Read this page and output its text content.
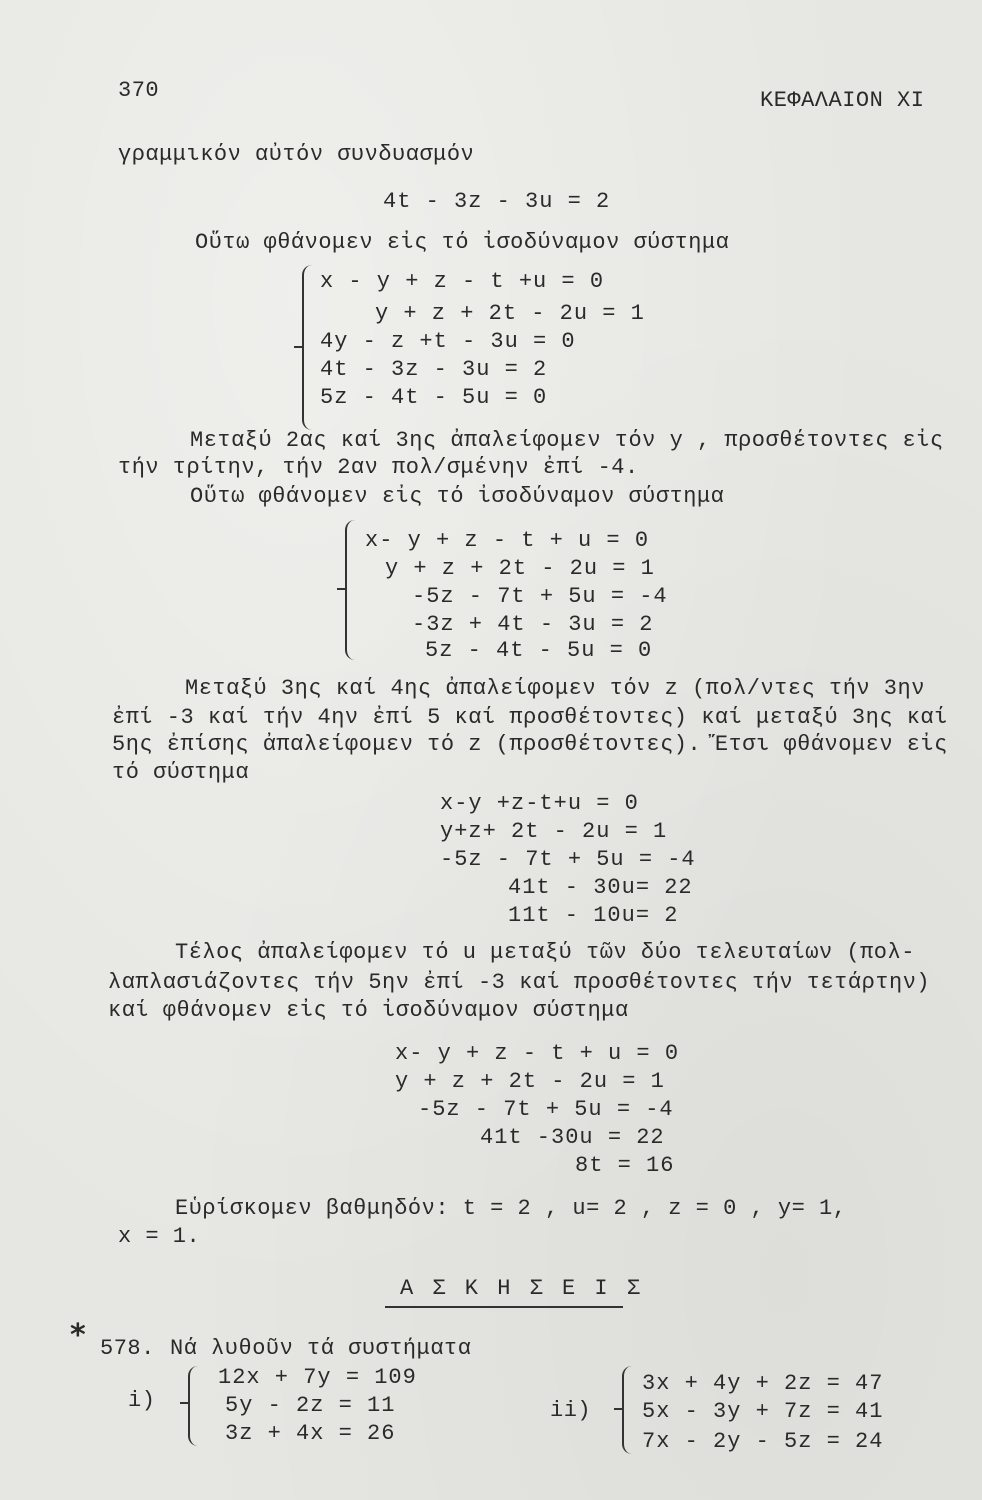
370	ΚΕΦΑΛΑΙΟΝ XI
γραμμικόν αὐτόν συνδυασμόν
4t - 3z - 3u = 2
Οὕτω φθάνομεν εἰς τό ἰσοδύναμον σύστημα
x - y + z - t +u = 0
y + z + 2t - 2u = 1
4y - z +t - 3u = 0
4t - 3z - 3u = 2
5z - 4t - 5u = 0
Μεταξύ 2ας καί 3ης ἀπαλείφομεν τόν y , προσθέτοντες εἰς
τήν τρίτην, τήν 2αν πολ/σμένην ἐπί -4.
Οὕτω φθάνομεν εἰς τό ἰσοδύναμον σύστημα
x- y + z - t + u = 0
y + z + 2t - 2u = 1
-5z - 7t + 5u = -4
-3z + 4t - 3u = 2
5z - 4t - 5u = 0
Μεταξύ 3ης καί 4ης ἀπαλείφομεν τόν z (πολ/ντες τήν 3ην
ἐπί -3 καί τήν 4ην ἐπί 5 καί προσθέτοντες) καί μεταξύ 3ης καί
5ης ἐπίσης ἀπαλείφομεν τό z (προσθέτοντες). Ἔτσι φθάνομεν εἰς
τό σύστημα
x-y +z-t+u = 0
y+z+ 2t - 2u = 1
-5z - 7t + 5u = -4
41t - 30u= 22
11t - 10u= 2
Τέλος ἀπαλείφομεν τό u μεταξύ τῶν δύο τελευταίων (πολ-
λαπλασιάζοντες τήν 5ην ἐπί -3 καί προσθέτοντες τήν τετάρτην)
καί φθάνομεν εἰς τό ἰσοδύναμον σύστημα
x- y + z - t + u = 0
y + z + 2t - 2u = 1
-5z - 7t + 5u = -4
41t -30u = 22
8t = 16
Εὑρίσκομεν βαθμηδόν: t = 2 , u= 2 , z = 0 , y= 1,
x = 1.
Α Σ Κ Η Σ Ε Ι Σ
* 578. Νά λυθοῦν τά συστήματα
i)
12x + 7y = 109
5y - 2z = 11
3z + 4x = 26
ii)
3x + 4y + 2z = 47
5x - 3y + 7z = 41
7x - 2y - 5z = 24
